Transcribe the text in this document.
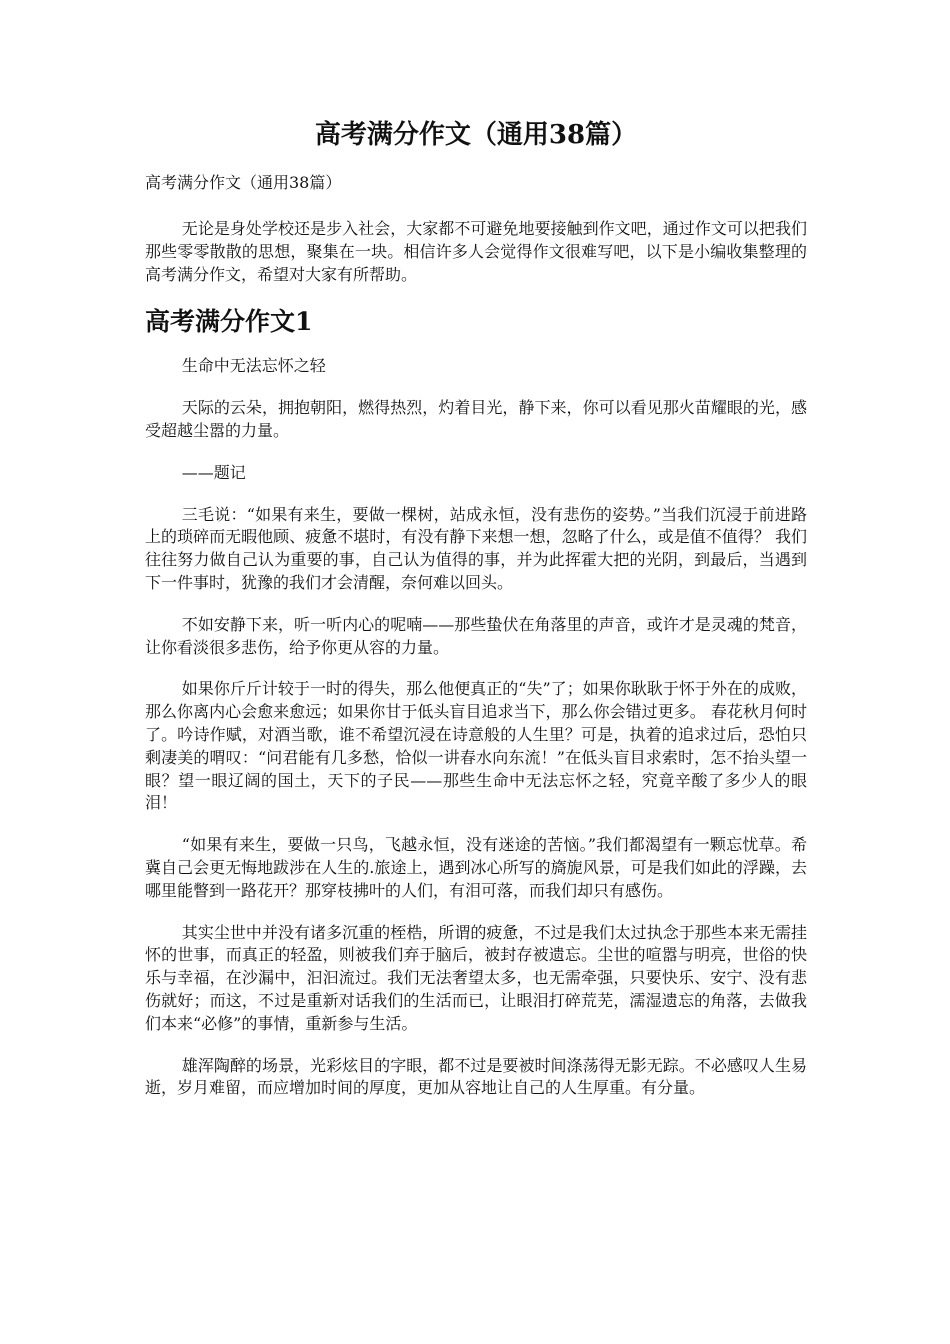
高考满分作文（通用38篇）

高考满分作文（通用38篇）

无论是身处学校还是步入社会，大家都不可避免地要接触到作文吧，通过作文可以把我们那些零零散散的思想，聚集在一块。相信许多人会觉得作文很难写吧，以下是小编收集整理的高考满分作文，希望对大家有所帮助。

高考满分作文1

生命中无法忘怀之轻

天际的云朵，拥抱朝阳，燃得热烈，灼着目光，静下来，你可以看见那火苗耀眼的光，感受超越尘嚣的力量。

——题记

三毛说：“如果有来生，要做一棵树，站成永恒，没有悲伤的姿势。”当我们沉浸于前进路上的琐碎而无暇他顾、疲惫不堪时，有没有静下来想一想，忽略了什么，或是值不值得？ 我们往往努力做自己认为重要的事，自己认为值得的事，并为此挥霍大把的光阴，到最后，当遇到下一件事时，犹豫的我们才会清醒，奈何难以回头。

不如安静下来，听一听内心的呢喃——那些蛰伏在角落里的声音，或许才是灵魂的梵音，让你看淡很多悲伤，给予你更从容的力量。

如果你斤斤计较于一时的得失，那么他便真正的“失”了；如果你耿耿于怀于外在的成败，那么你离内心会愈来愈远；如果你甘于低头盲目追求当下，那么你会错过更多。 春花秋月何时了。吟诗作赋，对酒当歌，谁不希望沉浸在诗意般的人生里？可是，执着的追求过后，恐怕只剩凄美的喟叹：“问君能有几多愁，恰似一讲春水向东流！”在低头盲目求索时，怎不抬头望一眼？望一眼辽阔的国土，天下的子民——那些生命中无法忘怀之轻，究竟辛酸了多少人的眼泪！

“如果有来生，要做一只鸟，飞越永恒，没有迷途的苦恼。”我们都渴望有一颗忘忧草。希冀自己会更无悔地跋涉在人生的.旅途上，遇到冰心所写的旖旎风景，可是我们如此的浮躁，去哪里能瞥到一路花开？那穿枝拂叶的人们，有泪可落，而我们却只有感伤。

其实尘世中并没有诸多沉重的桎梏，所谓的疲惫，不过是我们太过执念于那些本来无需挂怀的世事，而真正的轻盈，则被我们弃于脑后，被封存被遗忘。尘世的喧嚣与明亮，世俗的快乐与幸福，在沙漏中，汩汩流过。我们无法奢望太多，也无需牵强，只要快乐、安宁、没有悲伤就好；而这，不过是重新对话我们的生活而已，让眼泪打碎荒芜，濡湿遗忘的角落，去做我们本来“必修”的事情，重新参与生活。

雄浑陶醉的场景，光彩炫目的字眼，都不过是要被时间涤荡得无影无踪。不必感叹人生易逝，岁月难留，而应增加时间的厚度，更加从容地让自己的人生厚重。有分量。
